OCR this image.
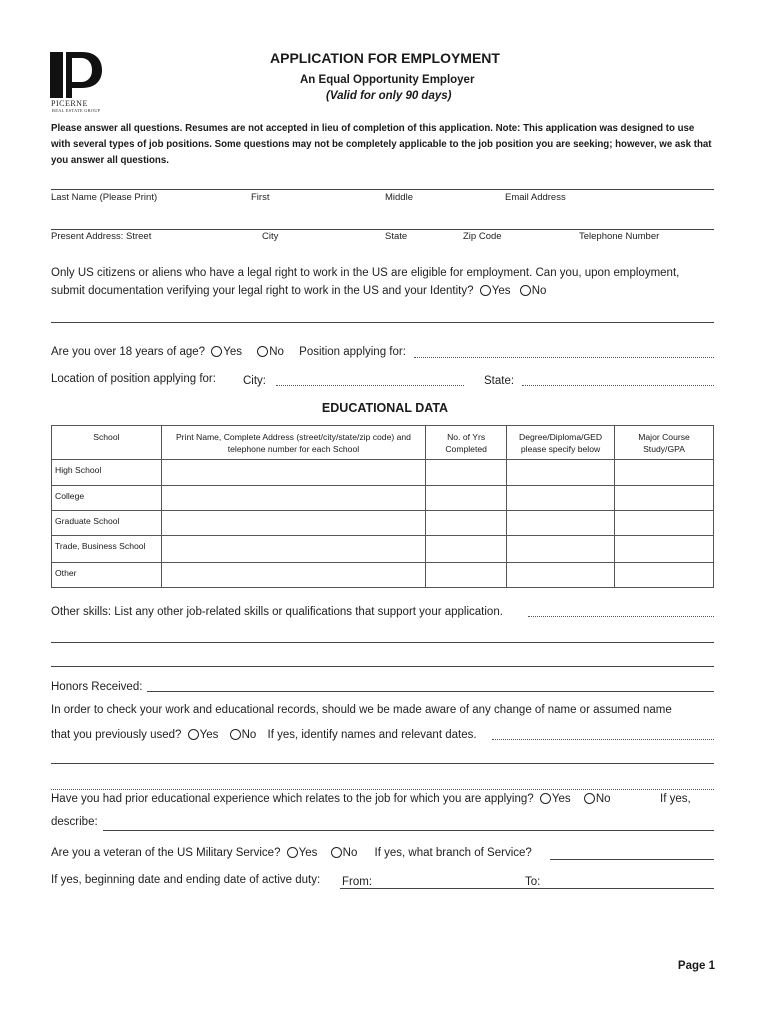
PICERNE
REAL ESTATE GROUP
APPLICATION FOR EMPLOYMENT
An Equal Opportunity Employer
(Valid for only 90 days)
Please answer all questions. Resumes are not accepted in lieu of completion of this application. Note: This application was designed to use with several types of job positions. Some questions may not be completely applicable to the job position you are seeking; however, we ask that you answer all questions.
Last Name (Please Print)	First	Middle	Email Address
Present Address: Street	City	State	Zip Code	Telephone Number
Only US citizens or aliens who have a legal right to work in the US are eligible for employment. Can you, upon employment,
submit documentation verifying your legal right to work in the US and your Identity? Yes No
Are you over 18 years of age? Yes No Position applying for:
Location of position applying for: City:	State:
EDUCATIONAL DATA
School	Print Name, Complete Address (street/city/state/zip code) and telephone number for each School	No. of Yrs Completed	Degree/Diploma/GED please specify below	Major Course Study/GPA
High School				
College				
Graduate School				
Trade, Business School				
Other				
Other skills: List any other job-related skills or qualifications that support your application.
Honors Received:
In order to check your work and educational records, should we be made aware of any change of name or assumed name
that you previously used? Yes No If yes, identify names and relevant dates.
Have you had prior educational experience which relates to the job for which you are applying? Yes No	If yes,
describe:
Are you a veteran of the US Military Service? Yes No If yes, what branch of Service?
If yes, beginning date and ending date of active duty: From:	To:
Page 1
